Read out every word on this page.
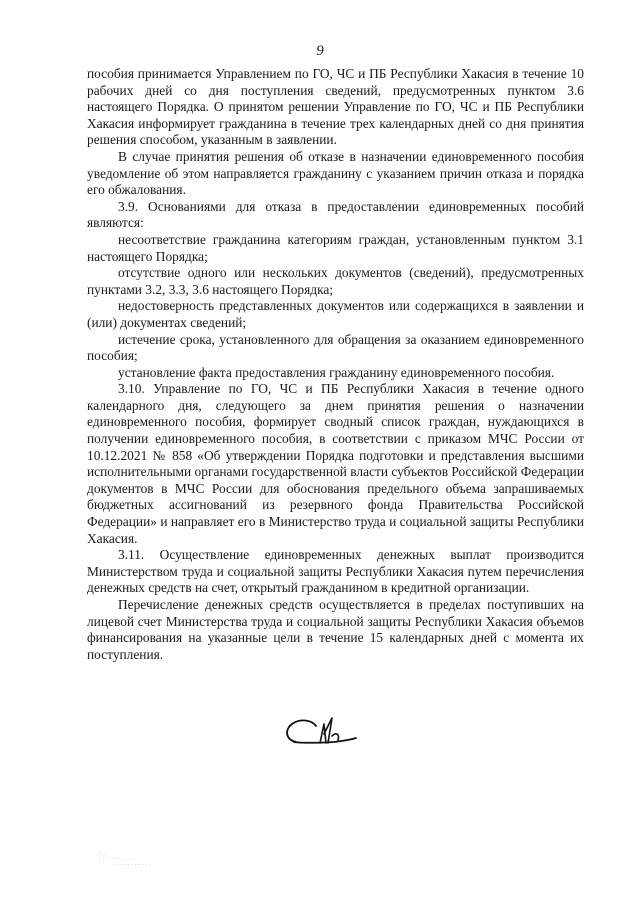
9

пособия принимается Управлением по ГО, ЧС и ПБ Республики Хакасия в течение 10 рабочих дней со дня поступления сведений, предусмотренных пунктом 3.6 настоящего Порядка. О принятом решении Управление по ГО, ЧС и ПБ Республики Хакасия информирует гражданина в течение трех календарных дней со дня принятия решения способом, указанным в заявлении.

В случае принятия решения об отказе в назначении единовременного пособия уведомление об этом направляется гражданину с указанием причин отказа и порядка его обжалования.

3.9. Основаниями для отказа в предоставлении единовременных пособий являются:

несоответствие гражданина категориям граждан, установленным пунктом 3.1 настоящего Порядка;

отсутствие одного или нескольких документов (сведений), предусмотренных пунктами 3.2, 3.3, 3.6 настоящего Порядка;

недостоверность представленных документов или содержащихся в заявлении и (или) документах сведений;

истечение срока, установленного для обращения за оказанием единовременного пособия;

установление факта предоставления гражданину единовременного пособия.

3.10. Управление по ГО, ЧС и ПБ Республики Хакасия в течение одного календарного дня, следующего за днем принятия решения о назначении единовременного пособия, формирует сводный список граждан, нуждающихся в получении единовременного пособия, в соответствии с приказом МЧС России от 10.12.2021 № 858 «Об утверждении Порядка подготовки и представления высшими исполнительными органами государственной власти субъектов Российской Федерации документов в МЧС России для обоснования предельного объема запрашиваемых бюджетных ассигнований из резервного фонда Правительства Российской Федерации» и направляет его в Министерство труда и социальной защиты Республики Хакасия.

3.11. Осуществление единовременных денежных выплат производится Министерством труда и социальной защиты Республики Хакасия путем перечисления денежных средств на счет, открытый гражданином в кредитной организации.

Перечисление денежных средств осуществляется в пределах поступивших на лицевой счет Министерства труда и социальной защиты Республики Хакасия объемов финансирования на указанные цели в течение 15 календарных дней с момента их поступления.
